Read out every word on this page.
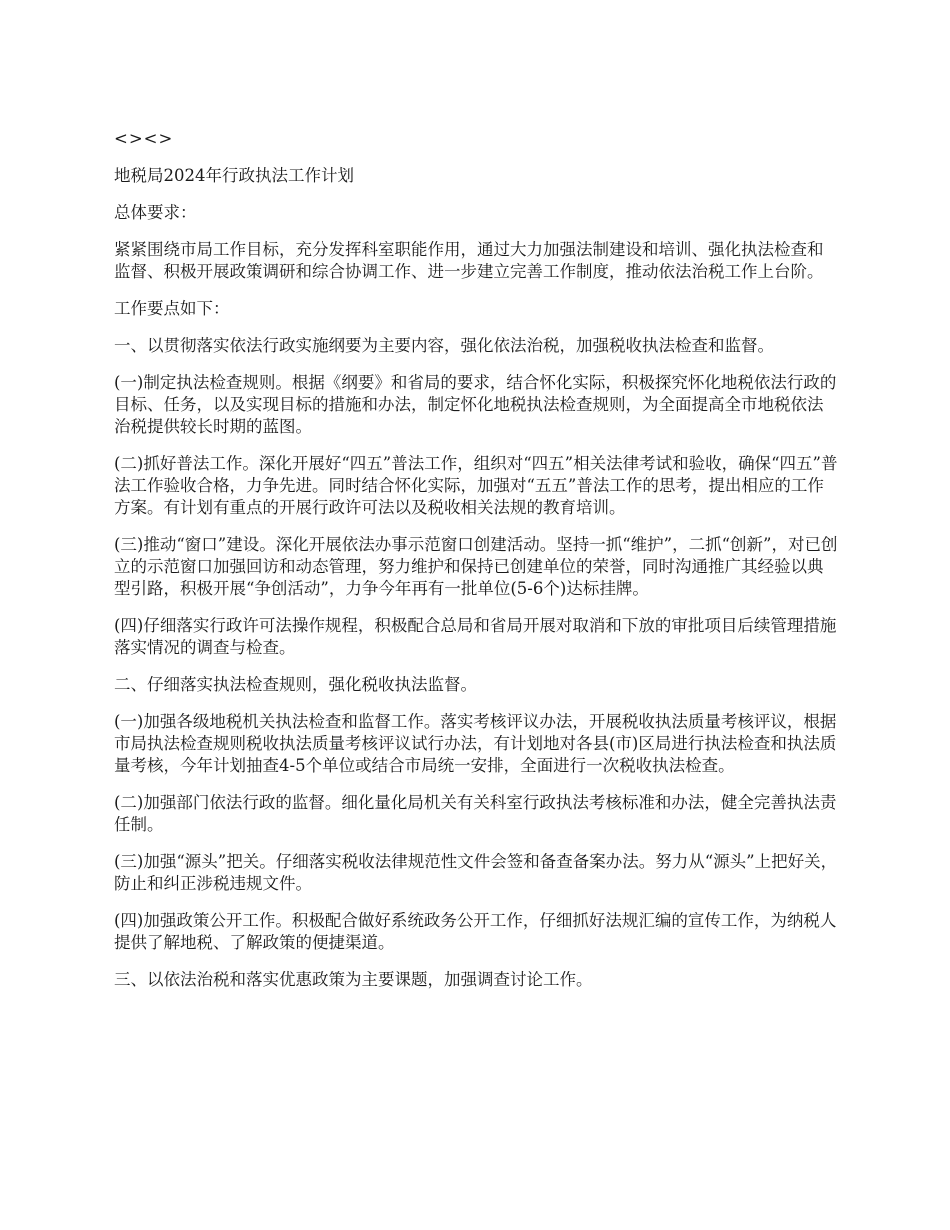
<><>

地税局2024年行政执法工作计划

总体要求：

紧紧围绕市局工作目标，充分发挥科室职能作用，通过大力加强法制建设和培训、强化执法检查和监督、积极开展政策调研和综合协调工作、进一步建立完善工作制度，推动依法治税工作上台阶。

工作要点如下：

一、以贯彻落实依法行政实施纲要为主要内容，强化依法治税，加强税收执法检查和监督。

(一)制定执法检查规则。根据《纲要》和省局的要求，结合怀化实际，积极探究怀化地税依法行政的目标、任务，以及实现目标的措施和办法，制定怀化地税执法检查规则，为全面提高全市地税依法治税提供较长时期的蓝图。

(二)抓好普法工作。深化开展好“四五”普法工作，组织对“四五”相关法律考试和验收，确保“四五”普法工作验收合格，力争先进。同时结合怀化实际，加强对“五五”普法工作的思考，提出相应的工作方案。有计划有重点的开展行政许可法以及税收相关法规的教育培训。

(三)推动“窗口”建设。深化开展依法办事示范窗口创建活动。坚持一抓“维护”，二抓“创新”，对已创立的示范窗口加强回访和动态管理，努力维护和保持已创建单位的荣誉，同时沟通推广其经验以典型引路，积极开展“争创活动”，力争今年再有一批单位(5-6个)达标挂牌。

(四)仔细落实行政许可法操作规程，积极配合总局和省局开展对取消和下放的审批项目后续管理措施落实情况的调查与检查。

二、仔细落实执法检查规则，强化税收执法监督。

(一)加强各级地税机关执法检查和监督工作。落实考核评议办法，开展税收执法质量考核评议，根据市局执法检查规则税收执法质量考核评议试行办法，有计划地对各县(市)区局进行执法检查和执法质量考核，今年计划抽查4-5个单位或结合市局统一安排，全面进行一次税收执法检查。

(二)加强部门依法行政的监督。细化量化局机关有关科室行政执法考核标准和办法，健全完善执法责任制。

(三)加强“源头”把关。仔细落实税收法律规范性文件会签和备查备案办法。努力从“源头”上把好关，防止和纠正涉税违规文件。

(四)加强政策公开工作。积极配合做好系统政务公开工作，仔细抓好法规汇编的宣传工作，为纳税人提供了解地税、了解政策的便捷渠道。

三、以依法治税和落实优惠政策为主要课题，加强调查讨论工作。
